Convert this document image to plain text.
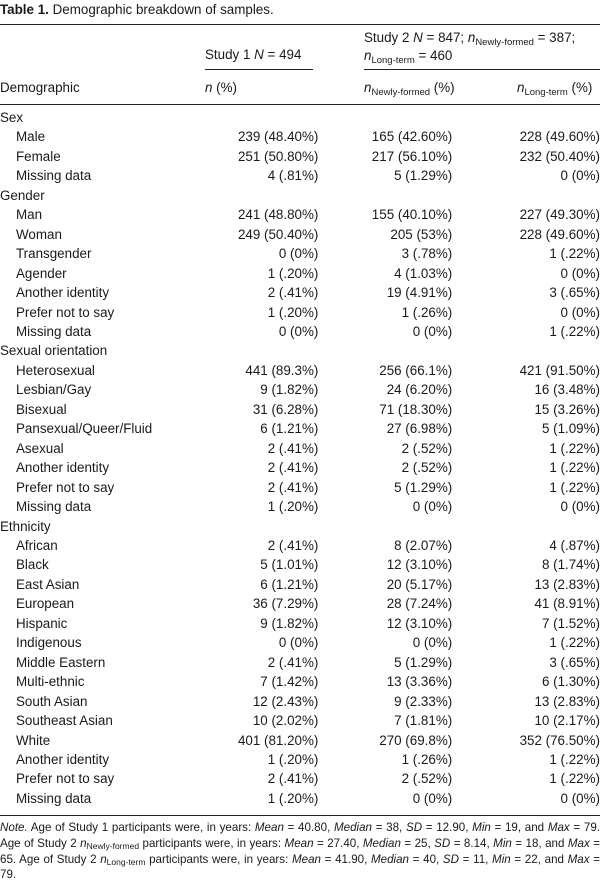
Table 1. Demographic breakdown of samples.
Study 1 N = 494
Study 2 N = 847; $n_{Newly-formed} = 387$;
$n_{Long-term} = 460$
Demographic	n (%)	$n_{Newly-formed}$ (%)	$n_{Long-term}$ (%)
Sex			
Male	239 (48.40%)	165 (42.60%)	228 (49.60%)
Female	251 (50.80%)	217 (56.10%)	232 (50.40%)
Missing data	4 (.81%)	5 (1.29%)	0 (0%)
Gender			
Man	241 (48.80%)	155 (40.10%)	227 (49.30%)
Woman	249 (50.40%)	205 (53%)	228 (49.60%)
Transgender	0 (0%)	3 (.78%)	1 (.22%)
Agender	1 (.20%)	4 (1.03%)	0 (0%)
Another identity	2 (.41%)	19 (4.91%)	3 (.65%)
Prefer not to say	1 (.20%)	1 (.26%)	0 (0%)
Missing data	0 (0%)	0 (0%)	1 (.22%)
Sexual orientation			
Heterosexual	441 (89.3%)	256 (66.1%)	421 (91.50%)
Lesbian/Gay	9 (1.82%)	24 (6.20%)	16 (3.48%)
Bisexual	31 (6.28%)	71 (18.30%)	15 (3.26%)
Pansexual/Queer/Fluid	6 (1.21%)	27 (6.98%)	5 (1.09%)
Asexual	2 (.41%)	2 (.52%)	1 (.22%)
Another identity	2 (.41%)	2 (.52%)	1 (.22%)
Prefer not to say	2 (.41%)	5 (1.29%)	1 (.22%)
Missing data	1 (.20%)	0 (0%)	0 (0%)
Ethnicity			
African	2 (.41%)	8 (2.07%)	4 (.87%)
Black	5 (1.01%)	12 (3.10%)	8 (1.74%)
East Asian	6 (1.21%)	20 (5.17%)	13 (2.83%)
European	36 (7.29%)	28 (7.24%)	41 (8.91%)
Hispanic	9 (1.82%)	12 (3.10%)	7 (1.52%)
Indigenous	0 (0%)	0 (0%)	1 (.22%)
Middle Eastern	2 (.41%)	5 (1.29%)	3 (.65%)
Multi-ethnic	7 (1.42%)	13 (3.36%)	6 (1.30%)
South Asian	12 (2.43%)	9 (2.33%)	13 (2.83%)
Southeast Asian	10 (2.02%)	7 (1.81%)	10 (2.17%)
White	401 (81.20%)	270 (69.8%)	352 (76.50%)
Another identity	1 (.20%)	1 (.26%)	1 (.22%)
Prefer not to say	2 (.41%)	2 (.52%)	1 (.22%)
Missing data	1 (.20%)	0 (0%)	0 (0%)
Note. Age of Study 1 participants were, in years: Mean = 40.80, Median = 38, SD = 12.90, Min = 19, and Max = 79. Age of Study 2 $n_{Newly-formed}$ participants were, in years: Mean = 27.40, Median = 25, SD = 8.14, Min = 18, and Max = 65. Age of Study 2 $n_{Long-term}$ participants were, in years: Mean = 41.90, Median = 40, SD = 11, Min = 22, and Max = 79.
